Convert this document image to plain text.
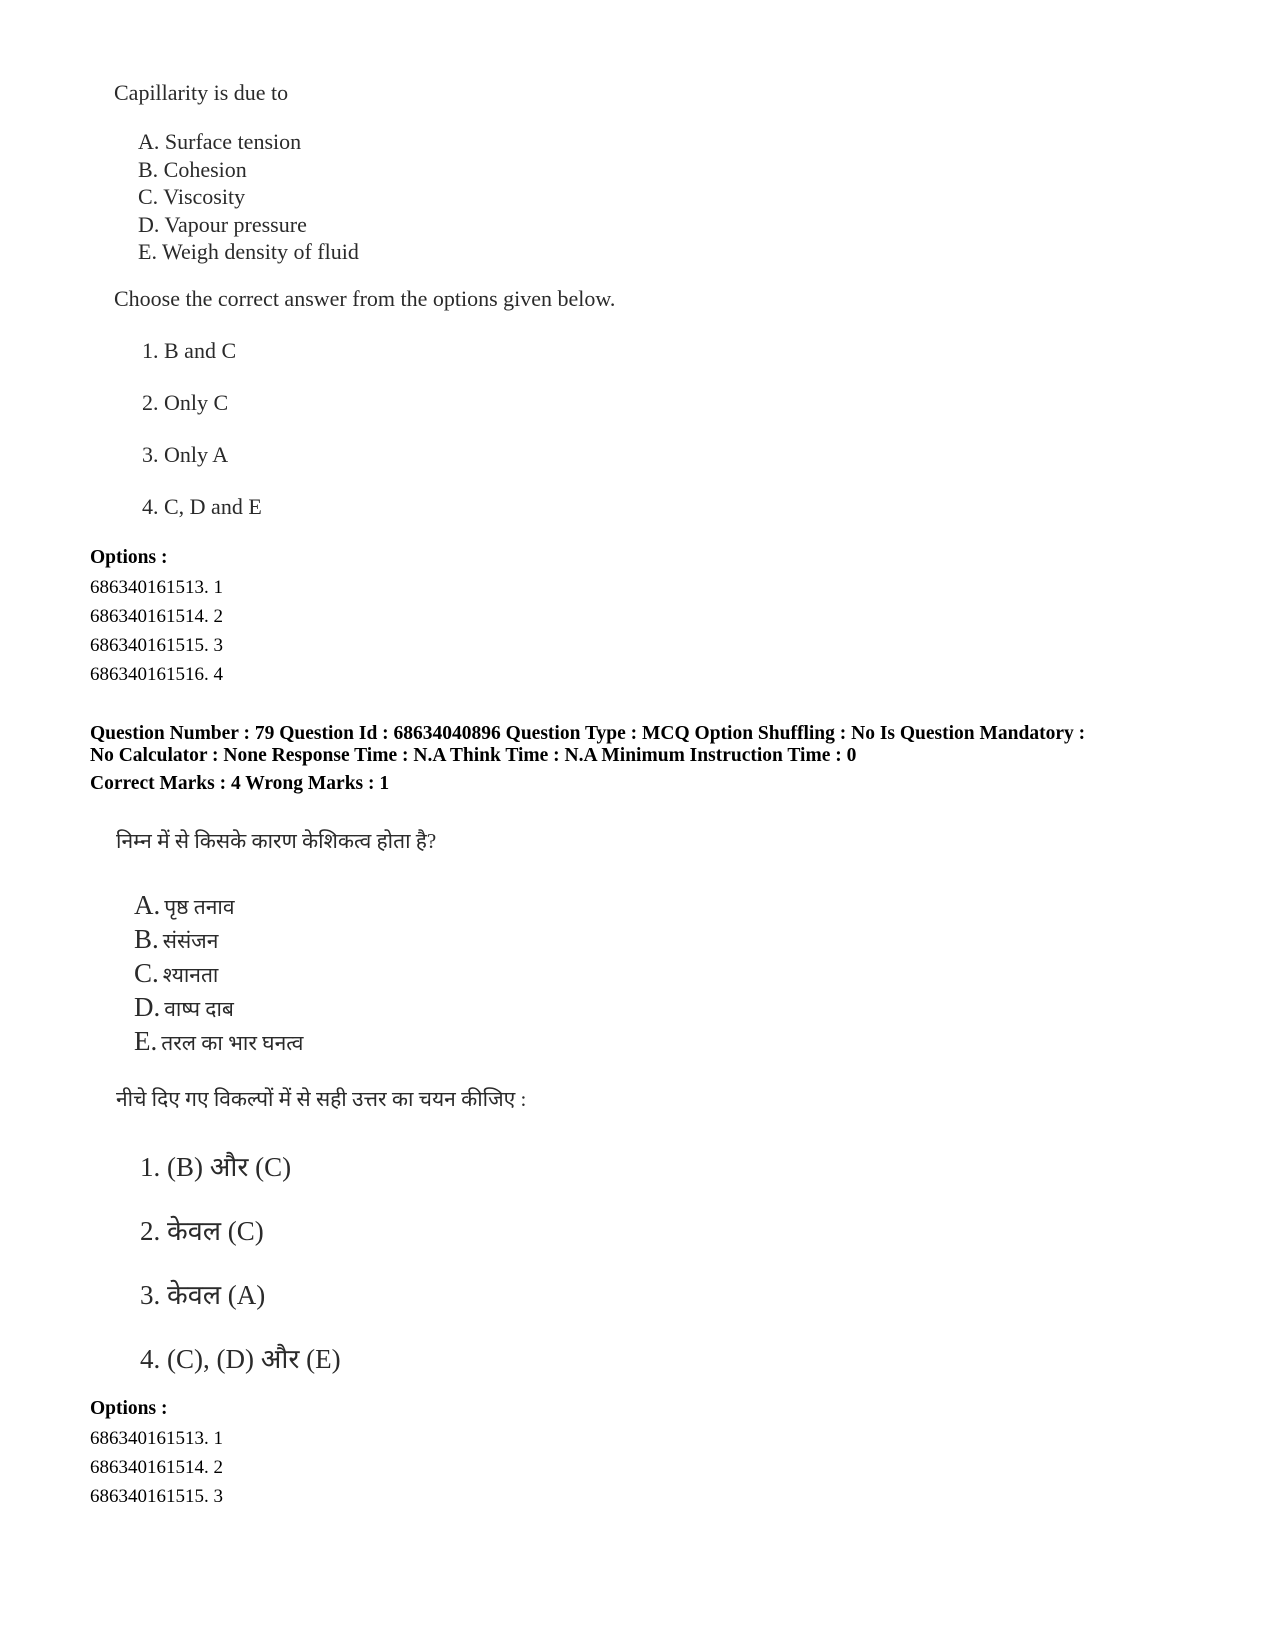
Capillarity is due to
A. Surface tension
B. Cohesion
C. Viscosity
D. Vapour pressure
E. Weigh density of fluid
Choose the correct answer from the options given below.
1. B and C
2. Only C
3. Only A
4. C, D and E
Options :
686340161513. 1
686340161514. 2
686340161515. 3
686340161516. 4
Question Number : 79 Question Id : 68634040896 Question Type : MCQ Option Shuffling : No Is Question Mandatory :
No Calculator : None Response Time : N.A Think Time : N.A Minimum Instruction Time : 0
Correct Marks : 4 Wrong Marks : 1
निम्न में से किसके कारण केशिकत्व होता है?
A. पृष्ठ तनाव
B. संसंजन
C. श्यानता
D. वाष्प दाब
E. तरल का भार घनत्व
नीचे दिए गए विकल्पों में से सही उत्तर का चयन कीजिए :
1. (B) और (C)
2. केवल (C)
3. केवल (A)
4. (C), (D) और (E)
Options :
686340161513. 1
686340161514. 2
686340161515. 3
